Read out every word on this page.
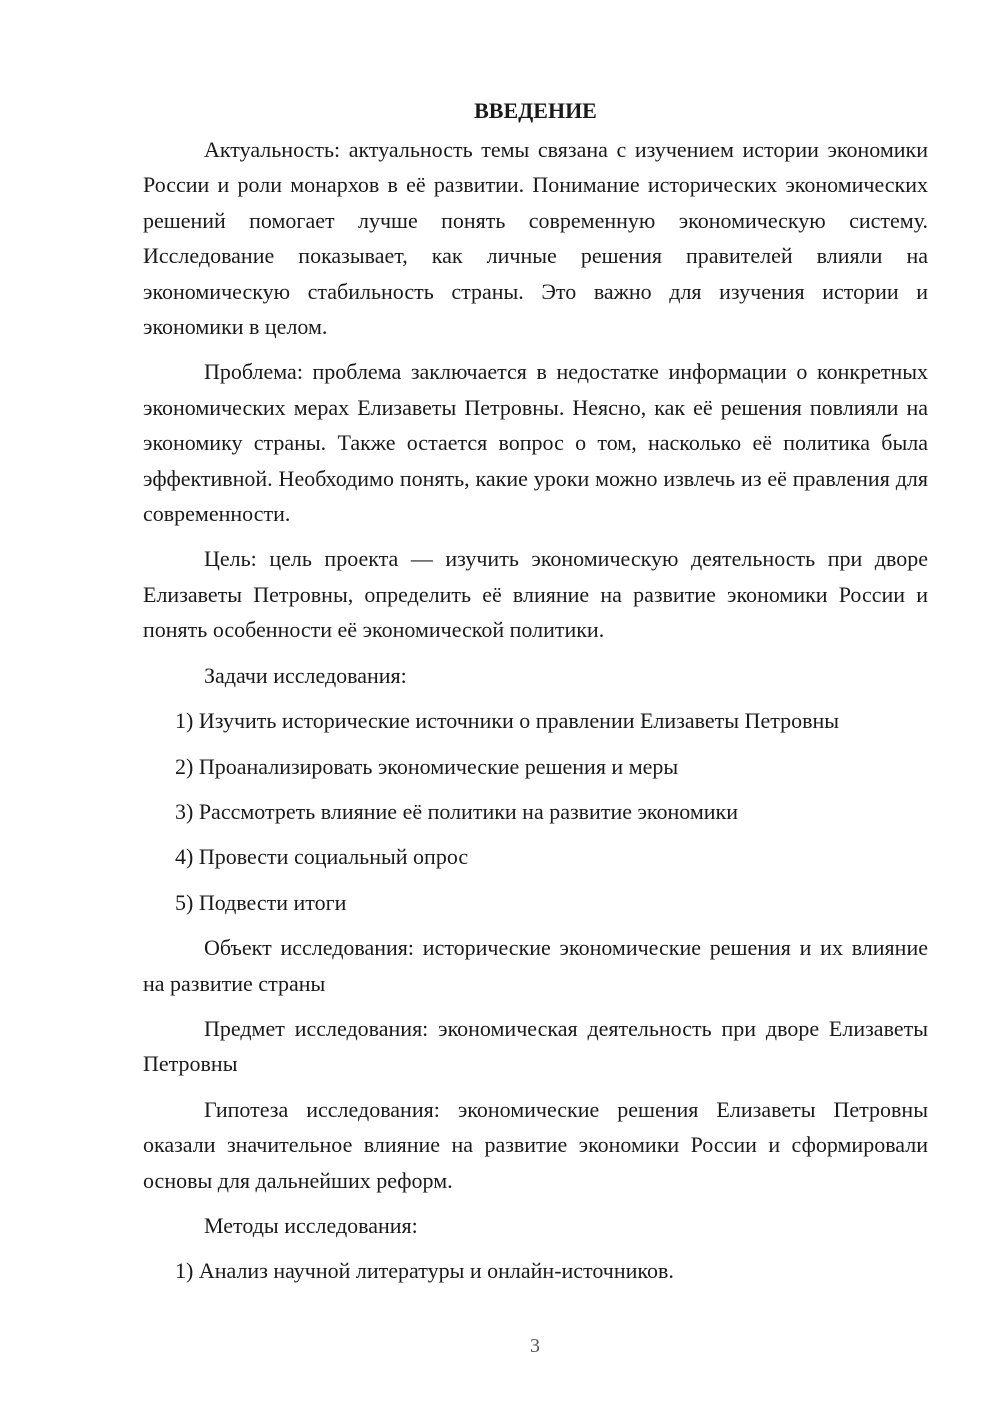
ВВЕДЕНИЕ

Актуальность: актуальность темы связана с изучением истории экономики России и роли монархов в её развитии. Понимание исторических экономических решений помогает лучше понять современную экономическую систему. Исследование показывает, как личные решения правителей влияли на экономическую стабильность страны. Это важно для изучения истории и экономики в целом.

Проблема: проблема заключается в недостатке информации о конкретных экономических мерах Елизаветы Петровны. Неясно, как её решения повлияли на экономику страны. Также остается вопрос о том, насколько её политика была эффективной. Необходимо понять, какие уроки можно извлечь из её правления для современности.

Цель: цель проекта — изучить экономическую деятельность при дворе Елизаветы Петровны, определить её влияние на развитие экономики России и понять особенности её экономической политики.

Задачи исследования:
1) Изучить исторические источники о правлении Елизаветы Петровны
2) Проанализировать экономические решения и меры
3) Рассмотреть влияние её политики на развитие экономики
4) Провести социальный опрос
5) Подвести итоги

Объект исследования: исторические экономические решения и их влияние на развитие страны

Предмет исследования: экономическая деятельность при дворе Елизаветы Петровны

Гипотеза исследования: экономические решения Елизаветы Петровны оказали значительное влияние на развитие экономики России и сформировали основы для дальнейших реформ.

Методы исследования:
1) Анализ научной литературы и онлайн-источников.
3
